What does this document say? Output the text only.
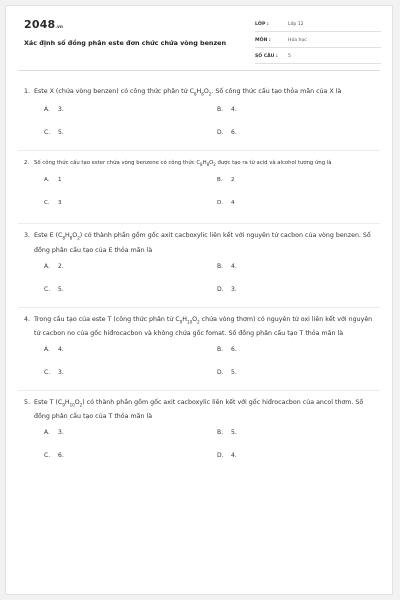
2048.vn
Xác định số đồng phân este đơn chức chứa vòng benzen
LỚP :	Lớp 12
MÔN :	Hóa học
SỐ CÂU : 5
1. Este X (chứa vòng benzen) có công thức phân tử $C_8H_8O_2$. Số công thức cấu tạo thỏa mãn của X là
A. 3.	B. 4.
C. 5.	D. 6.
2. Số công thức cấu tạo ester chứa vòng benzene có công thức $C_8H_8O_2$ được tạo ra từ acid và alcohol tương ứng là
A. 1	B. 2
C. 3	D. 4
3. Este E $(C_8H_8O_2)$ có thành phần gồm gốc axit cacboxylic liên kết với nguyên tử cacbon của vòng benzen. Số đồng phân cấu tạo của E thỏa mãn là
A. 2.	B. 4.
C. 5.	D. 3.
4. Trong cấu tạo của este T (công thức phân tử $C_9H_{10}O_2$ chứa vòng thơm) có nguyên tử oxi liên kết với nguyên tử cacbon no của gốc hiđrocacbon và không chứa gốc fomat. Số đồng phân cấu tạo T thỏa mãn là
A. 4.	B. 6.
C. 3.	D. 5.
5. Este T $(C_9H_{10}O_2)$ có thành phần gồm gốc axit cacboxylic liên kết với gốc hiđrocacbon của ancol thơm. Số đồng phân cấu tạo của T thỏa mãn là
A. 3.	B. 5.
C. 6.	D. 4.
